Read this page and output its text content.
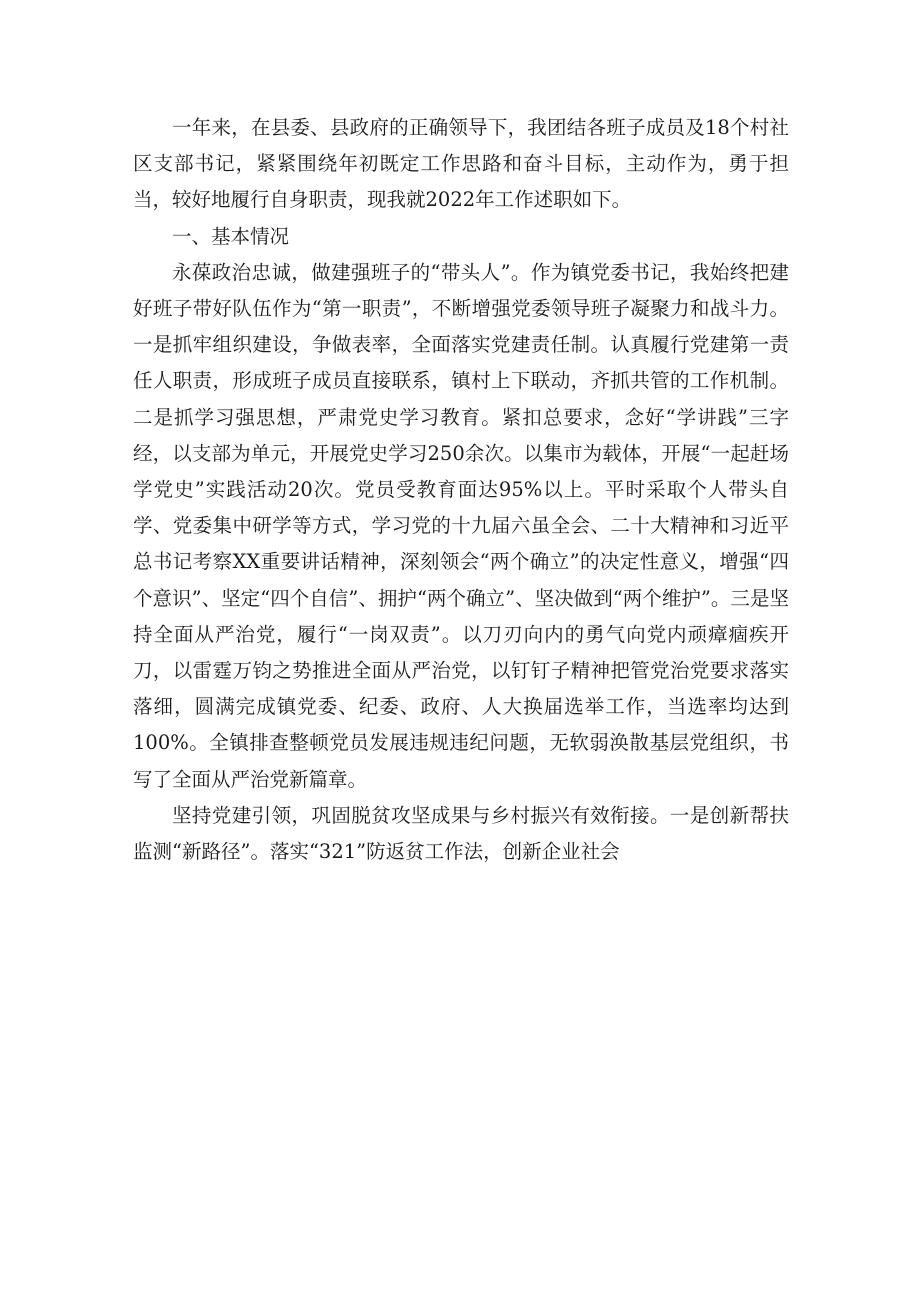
一年来，在县委、县政府的正确领导下，我团结各班子成员及18个村社区支部书记，紧紧围绕年初既定工作思路和奋斗目标，主动作为，勇于担当，较好地履行自身职责，现我就2022年工作述职如下。

一、基本情况

永葆政治忠诚，做建强班子的“带头人”。作为镇党委书记，我始终把建好班子带好队伍作为“第一职责”，不断增强党委领导班子凝聚力和战斗力。一是抓牢组织建设，争做表率，全面落实党建责任制。认真履行党建第一责任人职责，形成班子成员直接联系，镇村上下联动，齐抓共管的工作机制。二是抓学习强思想，严肃党史学习教育。紧扣总要求，念好“学讲践”三字经，以支部为单元，开展党史学习250余次。以集市为载体，开展“一起赶场学党史”实践活动20次。党员受教育面达95%以上。平时采取个人带头自学、党委集中研学等方式，学习党的十九届六虽全会、二十大精神和习近平总书记考察XX重要讲话精神，深刻领会“两个确立”的决定性意义，增强“四个意识”、坚定“四个自信”、拥护“两个确立”、坚决做到“两个维护”。三是坚持全面从严治党，履行“一岗双责”。以刀刃向内的勇气向党内顽瘴痼疾开刀，以雷霆万钧之势推进全面从严治党，以钉钉子精神把管党治党要求落实落细，圆满完成镇党委、纪委、政府、人大换届选举工作，当选率均达到100%。全镇排查整顿党员发展违规违纪问题，无软弱涣散基层党组织，书写了全面从严治党新篇章。

坚持党建引领，巩固脱贫攻坚成果与乡村振兴有效衔接。一是创新帮扶监测“新路径”。落实“321”防返贫工作法，创新企业社会
